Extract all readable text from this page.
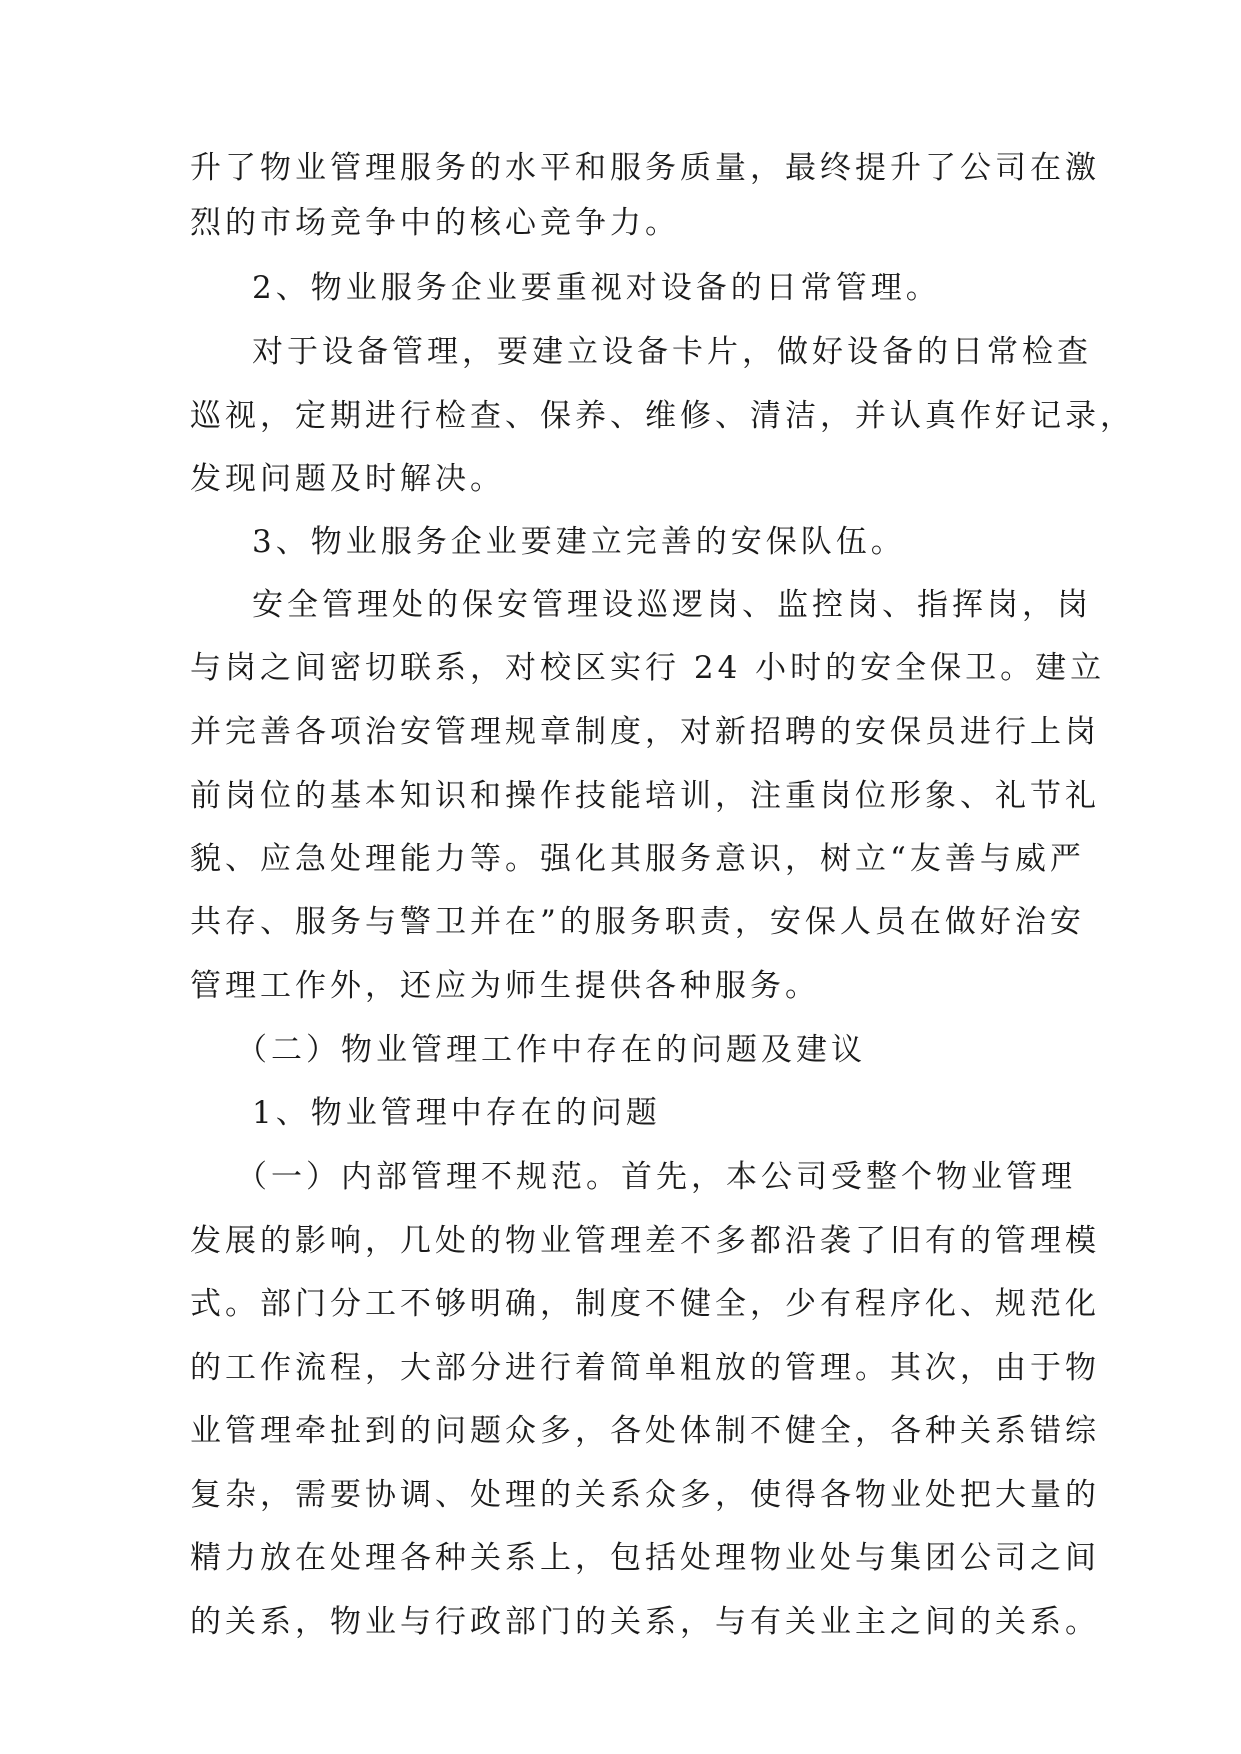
升了物业管理服务的水平和服务质量，最终提升了公司在激
烈的市场竞争中的核心竞争力。
2、物业服务企业要重视对设备的日常管理。
对于设备管理，要建立设备卡片，做好设备的日常检查
巡视，定期进行检查、保养、维修、清洁，并认真作好记录，
发现问题及时解决。
3、物业服务企业要建立完善的安保队伍。
安全管理处的保安管理设巡逻岗、监控岗、指挥岗，岗
与岗之间密切联系，对校区实行 24 小时的安全保卫。建立
并完善各项治安管理规章制度，对新招聘的安保员进行上岗
前岗位的基本知识和操作技能培训，注重岗位形象、礼节礼
貌、应急处理能力等。强化其服务意识，树立“友善与威严
共存、服务与警卫并在”的服务职责，安保人员在做好治安
管理工作外，还应为师生提供各种服务。
（二）物业管理工作中存在的问题及建议
1、物业管理中存在的问题
（一）内部管理不规范。首先，本公司受整个物业管理
发展的影响，几处的物业管理差不多都沿袭了旧有的管理模
式。部门分工不够明确，制度不健全，少有程序化、规范化
的工作流程，大部分进行着简单粗放的管理。其次，由于物
业管理牵扯到的问题众多，各处体制不健全，各种关系错综
复杂，需要协调、处理的关系众多，使得各物业处把大量的
精力放在处理各种关系上，包括处理物业处与集团公司之间
的关系，物业与行政部门的关系，与有关业主之间的关系。
